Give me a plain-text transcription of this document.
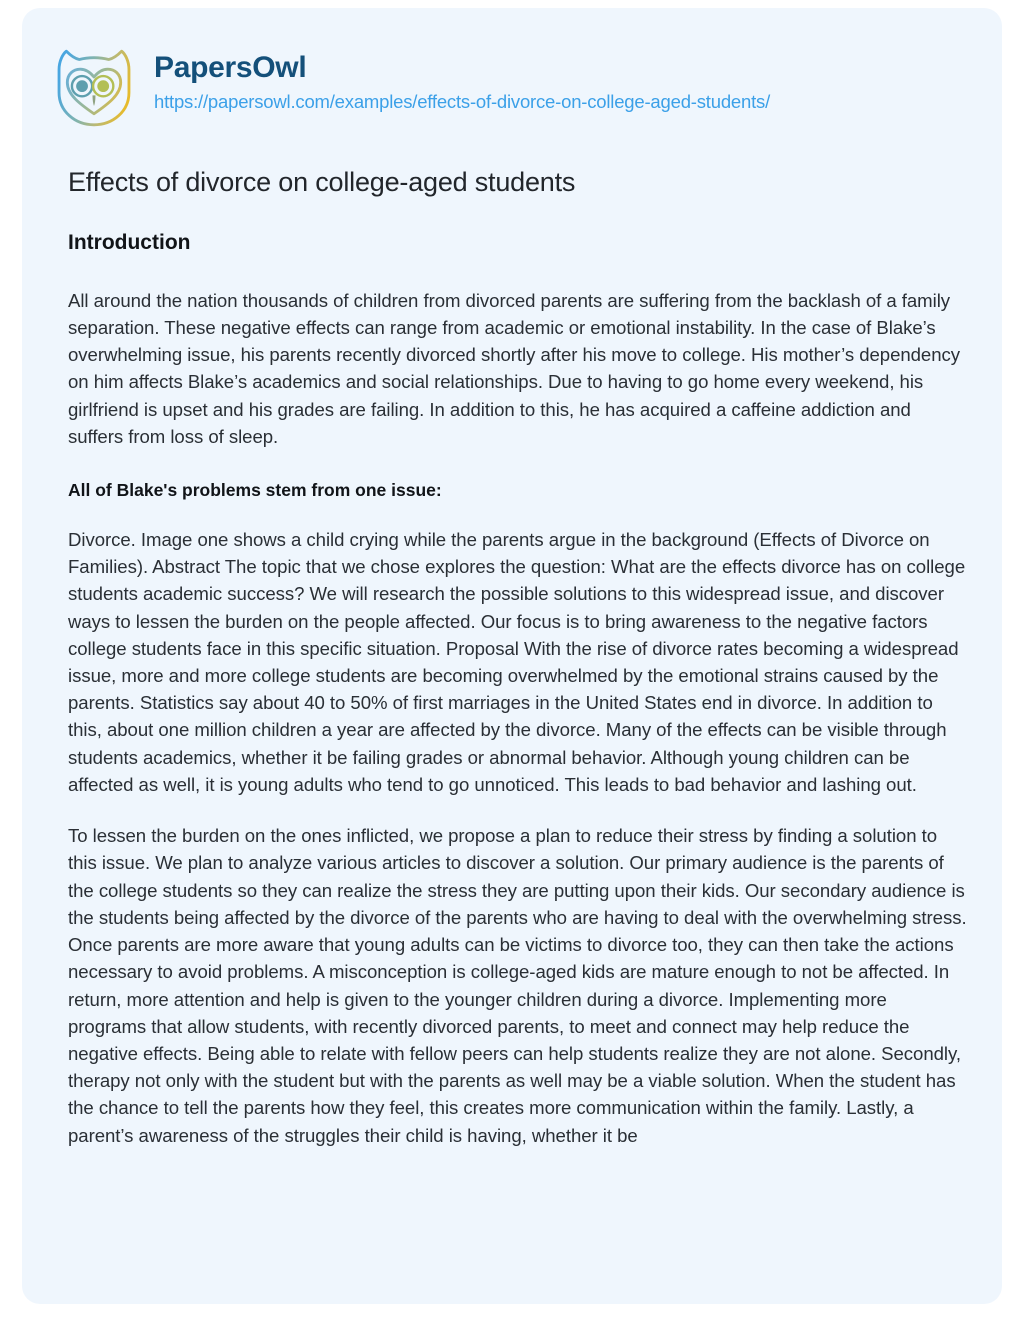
PapersOwl
https://papersowl.com/examples/effects-of-divorce-on-college-aged-students/
Effects of divorce on college-aged students
Introduction

All around the nation thousands of children from divorced parents are suffering from the backlash of a family separation. These negative effects can range from academic or emotional instability. In the case of Blake’s overwhelming issue, his parents recently divorced shortly after his move to college. His mother’s dependency on him affects Blake’s academics and social relationships. Due to having to go home every weekend, his girlfriend is upset and his grades are failing. In addition to this, he has acquired a caffeine addiction and suffers from loss of sleep.

All of Blake's problems stem from one issue:

Divorce. Image one shows a child crying while the parents argue in the background (Effects of Divorce on Families). Abstract The topic that we chose explores the question: What are the effects divorce has on college students academic success? We will research the possible solutions to this widespread issue, and discover ways to lessen the burden on the people affected. Our focus is to bring awareness to the negative factors college students face in this specific situation. Proposal With the rise of divorce rates becoming a widespread issue, more and more college students are becoming overwhelmed by the emotional strains caused by the parents. Statistics say about 40 to 50% of first marriages in the United States end in divorce. In addition to this, about one million children a year are affected by the divorce. Many of the effects can be visible through students academics, whether it be failing grades or abnormal behavior. Although young children can be affected as well, it is young adults who tend to go unnoticed. This leads to bad behavior and lashing out.

To lessen the burden on the ones inflicted, we propose a plan to reduce their stress by finding a solution to this issue. We plan to analyze various articles to discover a solution. Our primary audience is the parents of the college students so they can realize the stress they are putting upon their kids. Our secondary audience is the students being affected by the divorce of the parents who are having to deal with the overwhelming stress. Once parents are more aware that young adults can be victims to divorce too, they can then take the actions necessary to avoid problems. A misconception is college-aged kids are mature enough to not be affected. In return, more attention and help is given to the younger children during a divorce. Implementing more programs that allow students, with recently divorced parents, to meet and connect may help reduce the negative effects. Being able to relate with fellow peers can help students realize they are not alone. Secondly, therapy not only with the student but with the parents as well may be a viable solution. When the student has the chance to tell the parents how they feel, this creates more communication within the family. Lastly, a parent’s awareness of the struggles their child is having, whether it be
